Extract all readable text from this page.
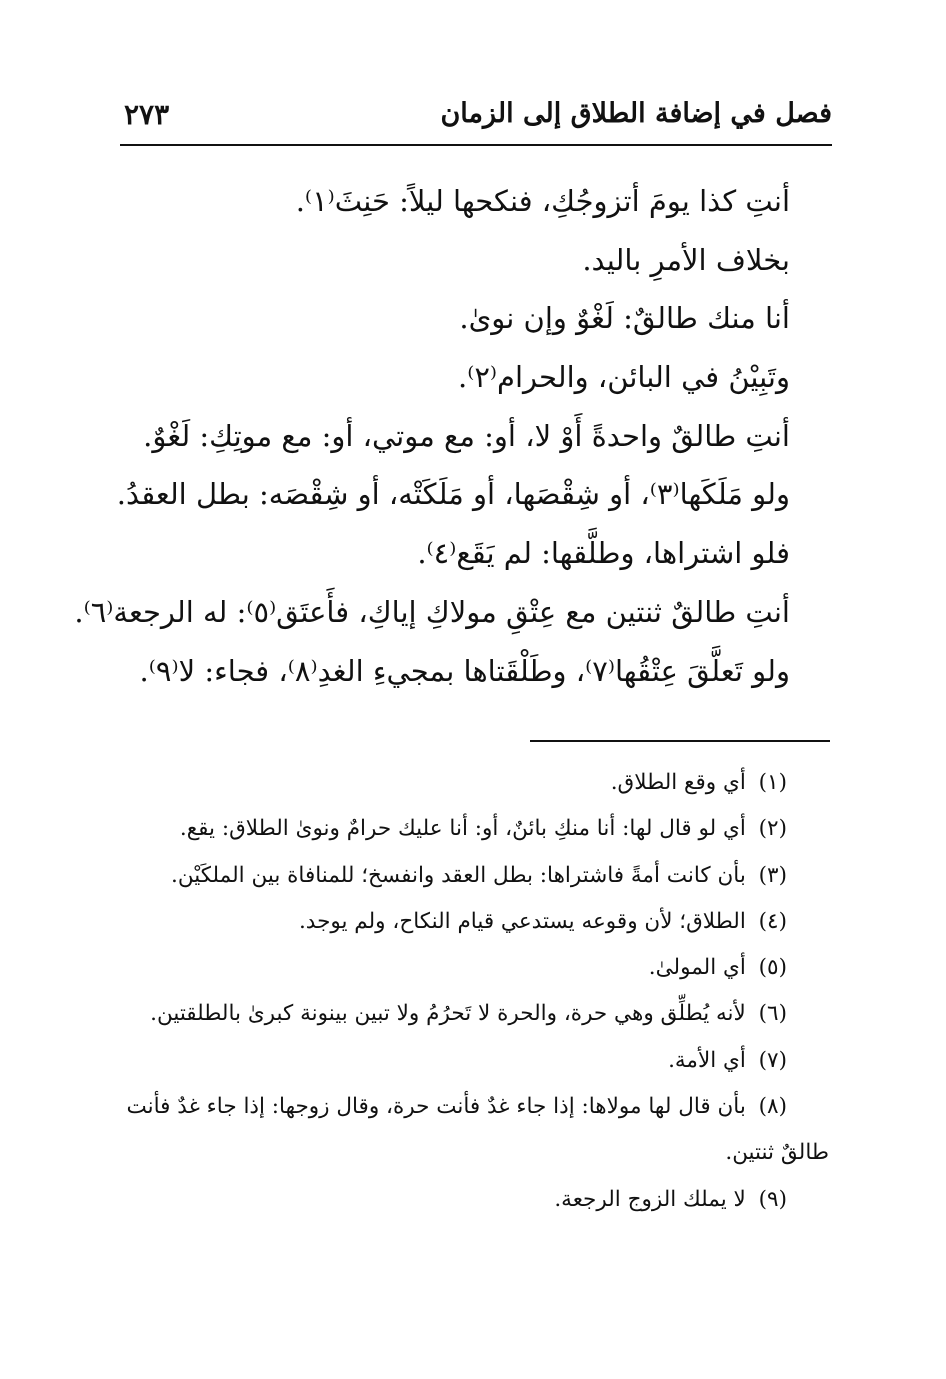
فصل في إضافة الطلاق إلى الزمان
٢٧٣
أنتِ كذا يومَ أتزوجُكِ، فنكحها ليلاً: حَنِثَ⁽١⁾.
بخلاف الأمرِ باليد.
أنا منك طالقٌ: لَغْوٌ وإن نوىٰ.
وتَبِيْنُ في البائن، والحرام⁽٢⁾.
أنتِ طالقٌ واحدةً أَوْ لا، أو: مع موتي، أو: مع موتِكِ: لَغْوٌ.
ولو مَلَكَها⁽٣⁾، أو شِقْصَها، أو مَلَكَتْه، أو شِقْصَه: بطل العقدُ.
فلو اشتراها، وطلَّقها: لم يَقَع⁽٤⁾.
أنتِ طالقٌ ثنتين مع عِتْقِ مولاكِ إياكِ، فأَعتَق⁽٥⁾: له الرجعة⁽٦⁾.
ولو تَعلَّقَ عِتْقُها⁽٧⁾، وطَلْقَتاها بمجيءِ الغدِ⁽٨⁾، فجاء: لا⁽٩⁾.
(١) أي وقع الطلاق.
(٢) أي لو قال لها: أنا منكِ بائنٌ، أو: أنا عليك حرامٌ ونوىٰ الطلاق: يقع.
(٣) بأن كانت أمةً فاشتراها: بطل العقد وانفسخ؛ للمنافاة بين الملكَيْن.
(٤) الطلاق؛ لأن وقوعه يستدعي قيام النكاح، ولم يوجد.
(٥) أي المولىٰ.
(٦) لأنه يُطلِّق وهي حرة، والحرة لا تَحرُمُ ولا تبين بينونة كبرىٰ بالطلقتين.
(٧) أي الأمة.
(٨) بأن قال لها مولاها: إذا جاء غدٌ فأنت حرة، وقال زوجها: إذا جاء غدٌ فأنت
طالقٌ ثنتين.
(٩) لا يملك الزوج الرجعة.
